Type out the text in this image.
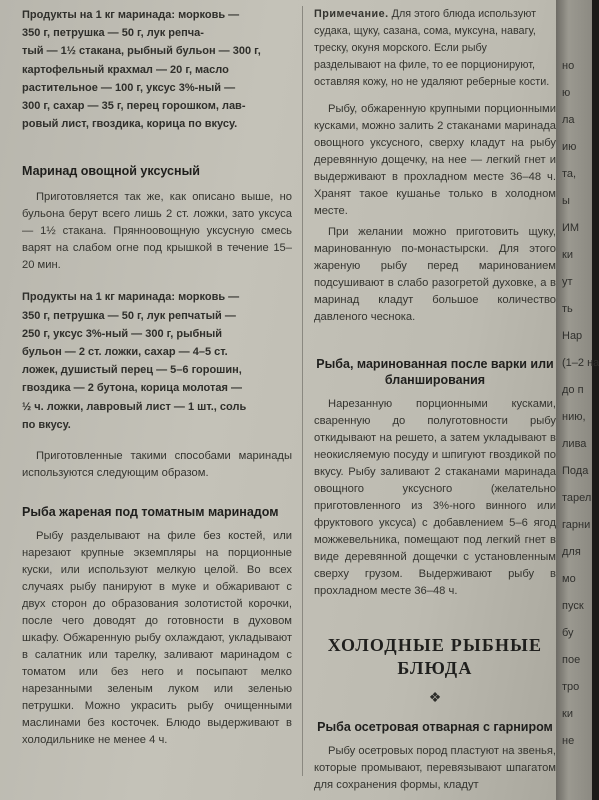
Продукты на 1 кг маринада: морковь —

350 г, петрушка — 50 г, лук репча-

тый — 1½ стакана, рыбный бульон — 300 г,

картофельный крахмал — 20 г, масло

растительное — 100 г, уксус 3%-ный —

300 г, сахар — 35 г, перец горошком, лав-

ровый лист, гвоздика, корица по вкусу.

Маринад овощной уксусный

Приготовляется так же, как описано выше, но бульона берут всего лишь 2 ст. ложки, зато уксуса — 1½ стакана. Прянноовощную уксусную смесь варят на слабом огне под крышкой в течение 15–20 мин.

Продукты на 1 кг маринада: морковь —

350 г, петрушка — 50 г, лук репчатый —

250 г, уксус 3%-ный — 300 г, рыбный

бульон — 2 ст. ложки, сахар — 4–5 ст.

ложек, душистый перец — 5–6 горошин,

гвоздика — 2 бутона, корица молотая —

½ ч. ложки, лавровый лист — 1 шт., соль

по вкусу.

Приготовленные такими способами маринады используются следующим образом.

Рыба жареная под томатным маринадом

Рыбу разделывают на филе без костей, или нарезают крупные экземпляры на порционные куски, или используют мелкую целой. Во всех случаях рыбу панируют в муке и обжаривают с двух сторон до образования золотистой корочки, после чего доводят до готовности в духовом шкафу. Обжаренную рыбу охлаждают, укладывают в салатник или тарелку, заливают маринадом с томатом или без него и посыпают мелко нарезанными зеленым луком или зеленью петрушки. Можно украсить рыбу очищенными маслинами без косточек. Блюдо выдерживают в холодильнике не менее 4 ч.

Примечание. Для этого блюда используют судака, щуку, сазана, сома, муксуна, навагу, треску, окуня морского. Если рыбу разделывают на филе, то ее порционируют, оставляя кожу, но не удаляют реберные кости.

Рыбу, обжаренную крупными порционными кусками, можно залить 2 стаканами маринада овощного уксусного, сверху кладут на рыбу деревянную дощечку, на нее — легкий гнет и выдерживают в прохладном месте 36–48 ч. Хранят такое кушанье только в холодном месте.

При желании можно приготовить щуку, маринованную по-монастырски. Для этого жареную рыбу перед маринованием подсушивают в слабо разогретой духовке, а в маринад кладут большое количество давленого чеснока.

Рыба, маринованная после варки или бланширования

Нарезанную порционными кусками, сваренную до полуготовности рыбу откидывают на решето, а затем укладывают в неокисляемую посуду и шпигуют гвоздикой по вкусу. Рыбу заливают 2 стаканами маринада овощного уксусного (желательно приготовленного из 3%-ного винного или фруктового уксуса) с добавлением 5–6 ягод можжевельника, помещают под легкий гнет в виде деревянной дощечки с установленным сверху грузом. Выдерживают рыбу в прохладном месте 36–48 ч.

ХОЛОДНЫЕ РЫБНЫЕ БЛЮДА

❖

Рыба осетровая отварная с гарниром

Рыбу осетровых пород пластуют на звенья, которые промывают, перевязывают шпагатом для сохранения формы, кладут

но
ю
ла
ию
та,
ы
ИМ
ки
ут
ть
Нар
(1–2 на
до п
нию,
лива
Пода
тарел
гарни
для
мо
пуск
бу
пое
тро
ки
не
